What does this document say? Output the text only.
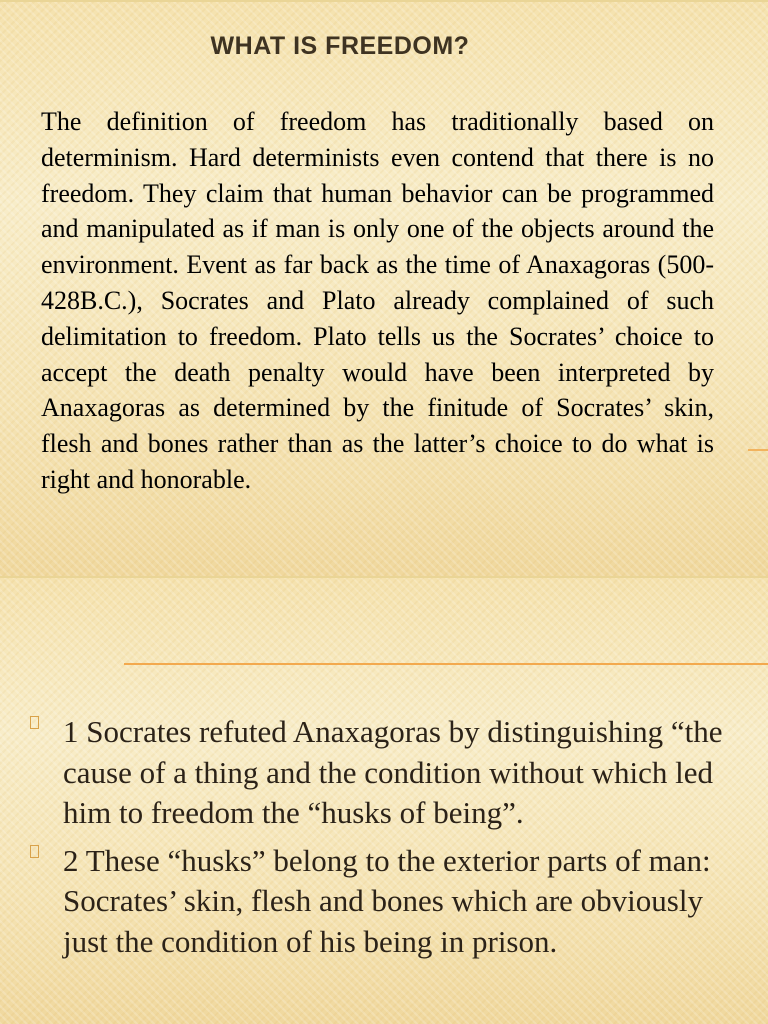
WHAT IS FREEDOM?

The definition of freedom has traditionally based on determinism. Hard determinists even contend that there is no freedom. They claim that human behavior can be programmed and manipulated as if man is only one of the objects around the environment. Event as far back as the time of Anaxagoras (500-428B.C.), Socrates and Plato already complained of such delimitation to freedom. Plato tells us the Socrates’ choice to accept the death penalty would have been interpreted by Anaxagoras as determined by the finitude of Socrates’ skin, flesh and bones rather than as the latter’s choice to do what is right and honorable.

1 Socrates refuted Anaxagoras by distinguishing “the cause of a thing and the condition without which led him to freedom the “husks of being”.
2 These “husks” belong to the exterior parts of man: Socrates’ skin, flesh and bones which are obviously just the condition of his being in prison.
